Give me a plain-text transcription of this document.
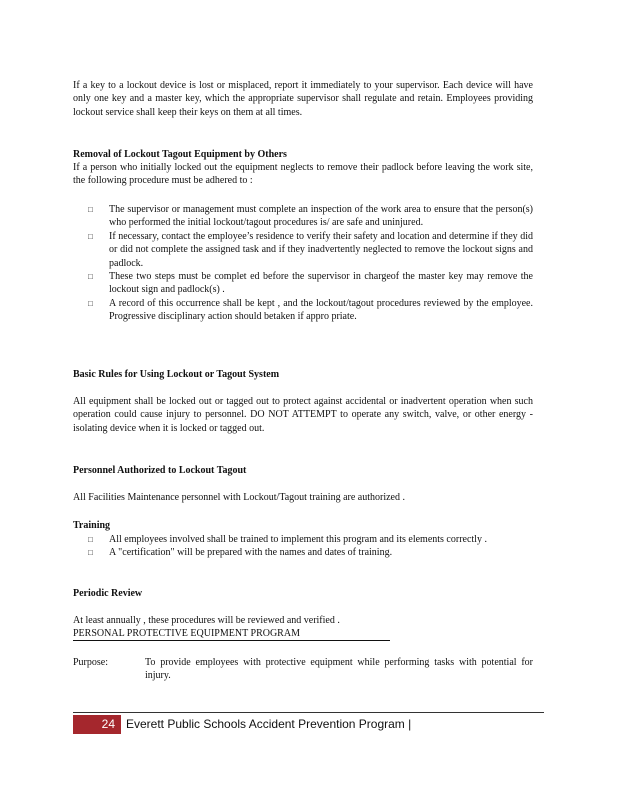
If a key to a lockout device is lost or misplaced, report it immediately to your supervisor. Each device will have only one key and a master key, which the appropriate supervisor shall regulate and retain. Employees providing lockout service shall keep their keys on them at all times.

Removal of Lockout Tagout Equipment by Others

If a person who initially locked out the equipment neglects to remove their padlock before leaving the work site, the following procedure must be adhered to :

□ The supervisor or management must complete an inspection of the work area to ensure that the person(s) who performed the initial lockout/tagout procedures is/ are safe and uninjured.
□ If necessary, contact the employee’s residence to verify their safety and location and determine if they did or did not complete the assigned task and if they inadvertently neglected to remove the lockout signs and padlock.
□ These two steps must be complet ed before the supervisor in chargeof the master key may remove the lockout sign and padlock(s) .
□ A record of this occurrence shall be kept , and the lockout/tagout procedures reviewed by the employee. Progressive disciplinary action should betaken if appro priate.

Basic Rules for Using Lockout or Tagout System

All equipment shall be locked out or tagged out to protect against accidental or inadvertent operation when such operation could cause injury to personnel. DO NOT ATTEMPT to operate any switch, valve, or other energy -isolating device when it is locked or tagged out.

Personnel Authorized to Lockout Tagout

All Facilities Maintenance personnel with Lockout/Tagout training are authorized .

Training

□ All employees involved shall be trained to implement this program and its elements correctly .
□ A "certification" will be prepared with the names and dates of training.

Periodic Review

At least annually , these procedures will be reviewed and verified .

PERSONAL PROTECTIVE EQUIPMENT PROGRAM

Purpose:	To provide employees with protective equipment while performing tasks with potential for injury.

24 Everett Public Schools Accident Prevention Program |
